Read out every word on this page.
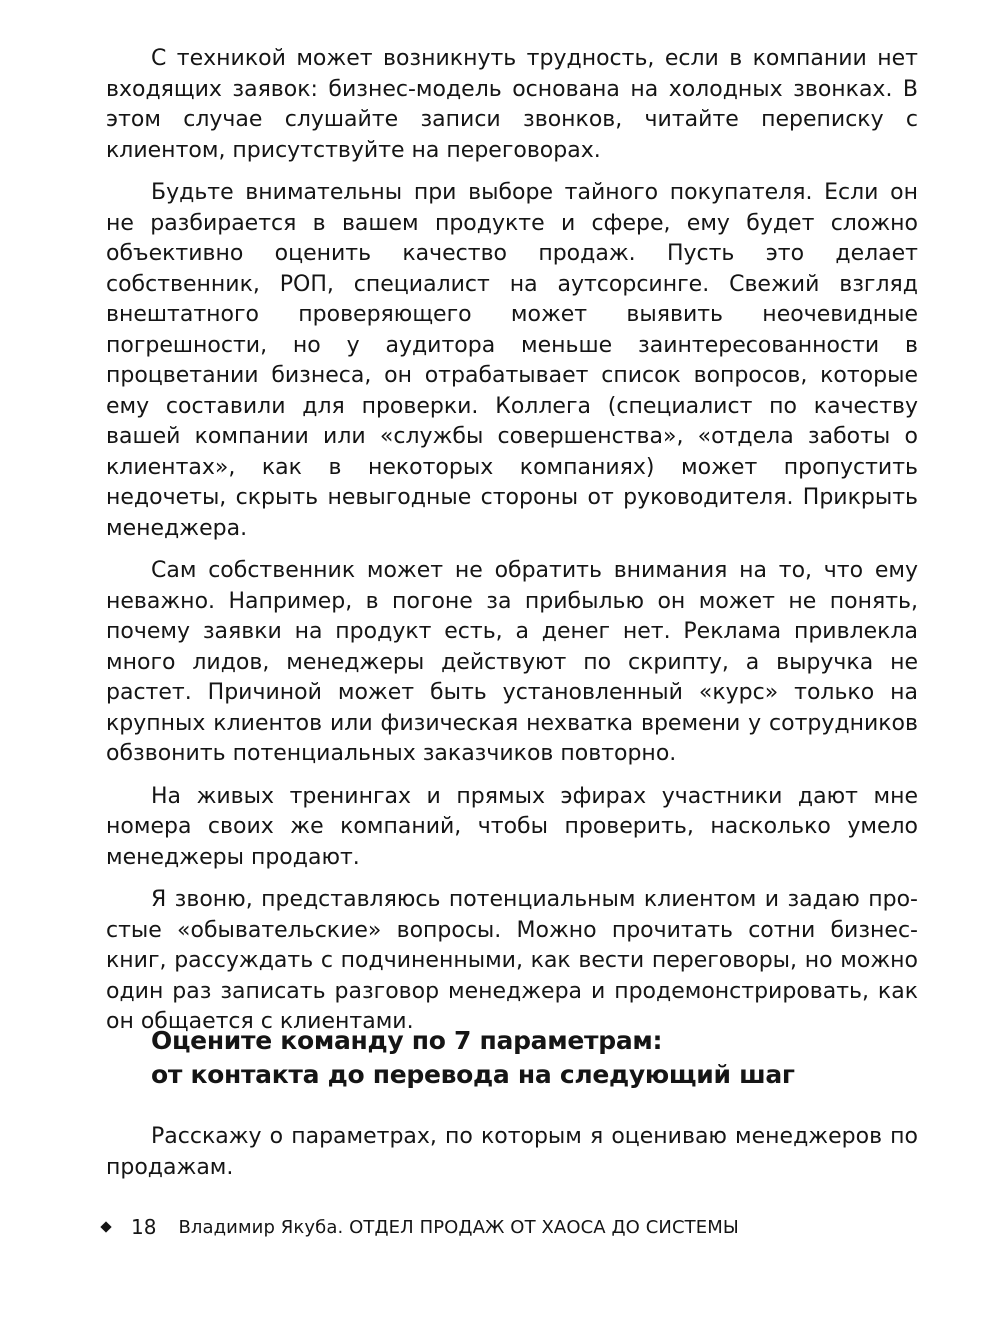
С техникой может возникнуть трудность, если в компании нет входящих заявок: бизнес-модель основана на холодных звонках. В этом случае слушайте записи звонков, читайте переписку с клиентом, присутствуйте на переговорах.

Будьте внимательны при выборе тайного покупателя. Если он не разбирается в вашем продукте и сфере, ему будет сложно объективно оценить качество продаж. Пусть это делает собственник, РОП, специалист на аутсорсинге. Свежий взгляд внештатного проверяющего может выявить неочевидные погрешности, но у аудитора меньше заинтересованности в процветании бизнеса, он отрабатывает список вопросов, которые ему составили для проверки. Коллега (специалист по качеству вашей компании или «службы совершенства», «отдела заботы о клиентах», как в некоторых компаниях) может пропустить недочеты, скрыть невыгодные стороны от руководителя. Прикрыть менеджера.

Сам собственник может не обратить внимания на то, что ему неважно. Например, в погоне за прибылью он может не понять, почему заявки на продукт есть, а денег нет. Реклама привлекла много лидов, менеджеры действуют по скрипту, а выручка не растет. Причиной может быть установленный «курс» только на крупных клиентов или физическая нехватка времени у сотрудников обзвонить потенциальных заказчиков повторно.

На живых тренингах и прямых эфирах участники дают мне номера своих же компаний, чтобы проверить, насколько умело менеджеры продают.

Я звоню, представляюсь потенциальным клиентом и задаю простые «обывательские» вопросы. Можно прочитать сотни бизнес-книг, рассуждать с подчиненными, как вести переговоры, но можно один раз записать разговор менеджера и продемонстрировать, как он общается с клиентами.

Оцените команду по 7 параметрам:
от контакта до перевода на следующий шаг

Расскажу о параметрах, по которым я оцениваю менеджеров по продажам.

18 Владимир Якуба. ОТДЕЛ ПРОДАЖ ОТ ХАОСА ДО СИСТЕМЫ
